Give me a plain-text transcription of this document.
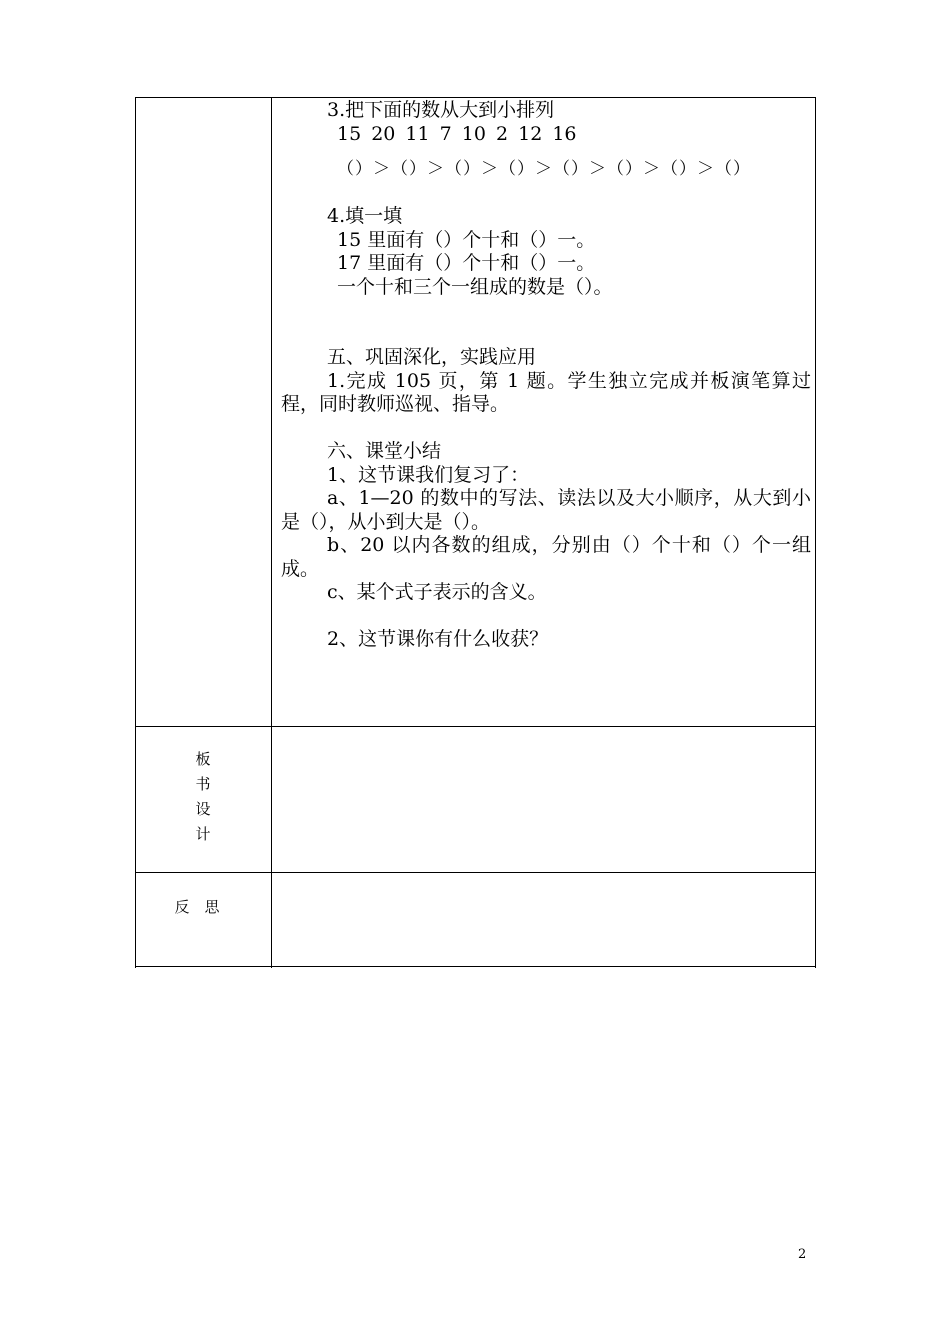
3.把下面的数从大到小排列

15 20 11 7 10 2 12 16

（）＞（）＞（）＞（）＞（）＞（）＞（）＞（）

4.填一填

15 里面有（）个十和（）一。

17 里面有（）个十和（）一。

一个十和三个一组成的数是（）。

五、巩固深化，实践应用

1.完成 105 页，第 1 题。学生独立完成并板演笔算过程，同时教师巡视、指导。

六、课堂小结

1、这节课我们复习了：

a、1—20 的数中的写法、读法以及大小顺序，从大到小是（），从小到大是（）。

b、20 以内各数的组成，分别由（）个十和（）个一组成。

c、某个式子表示的含义。

2、这节课你有什么收获？

板
书
设
计
反　思
2
